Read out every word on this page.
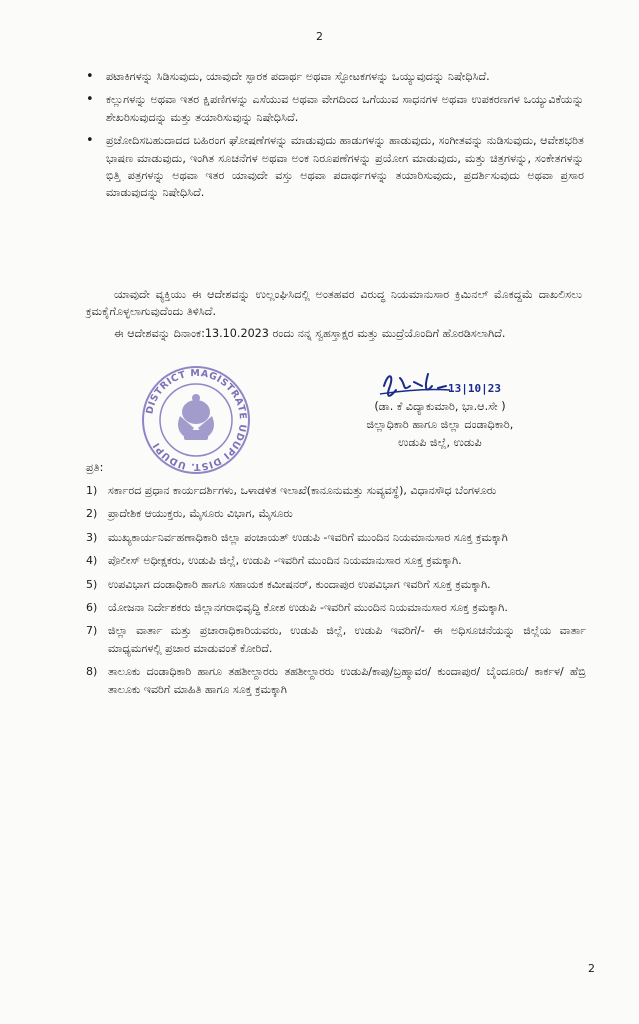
2
• ಪಟಾಕಿಗಳನ್ನು ಸಿಡಿಸುವುದು, ಯಾವುದೇ ಸ್ಫಾರಕ ಪದಾರ್ಥ ಅಥವಾ ಸ್ಫೋಟಕಗಳನ್ನು ಒಯ್ಯುವುದನ್ನು ನಿಷೇಧಿಸಿದೆ.
• ಕಲ್ಲುಗಳನ್ನು ಅಥವಾ ಇತರ ಕ್ಷಿಪಣಿಗಳನ್ನು ಎಸೆಯುವ ಅಥವಾ ವೇಗದಿಂದ ಒಗೆಯುವ ಸಾಧನಗಳ ಅಥವಾ ಉಪಕರಣಗಳ ಒಯ್ಯುವಿಕೆಯನ್ನು ಶೇಖರಿಸುವುದನ್ನು ಮತ್ತು ತಯಾರಿಸುವುನ್ನು ನಿಷೇಧಿಸಿದೆ.
• ಪ್ರಚೋದಿಸಬಹುದಾದದ ಬಹಿರಂಗ ಘೋಷಣೆಗಳನ್ನು ಮಾಡುವುದು ಹಾಡುಗಳನ್ನು ಹಾಡುವುದು, ಸಂಗೀತವನ್ನು ನುಡಿಸುವುದು, ಆವೇಶಭರಿತ ಭಾಷಣ ಮಾಡುವುದು, ಇಂಗಿತ ಸೂಚನೆಗಳ ಅಥವಾ ಅಂಕ ನಿರೂಪಣೆಗಳನ್ನು ಪ್ರಯೋಗ ಮಾಡುವುದು, ಮತ್ತು ಚಿತ್ರಗಳನ್ನು, ಸಂಕೇತಗಳನ್ನು ಭಿತ್ತಿ ಪತ್ರಗಳನ್ನು ಅಥವಾ ಇತರ ಯಾವುದೇ ವಸ್ತು ಅಥವಾ ಪದಾರ್ಥಗಳನ್ನು ತಯಾರಿಸುವುದು, ಪ್ರದರ್ಶಿಸುವುದು ಅಥವಾ ಪ್ರಸಾರ ಮಾಡುವುದನ್ನು ನಿಷೇಧಿಸಿದೆ.

ಯಾವುದೇ ವ್ಯಕ್ತಿಯು ಈ ಆದೇಶವನ್ನು ಉಲ್ಲಂಘಿಸಿದಲ್ಲಿ ಅಂತಹವರ ವಿರುದ್ಧ ನಿಯಮಾನುಸಾರ ಕ್ರಿಮಿನಲ್ ಮೊಕದ್ದಮೆ ದಾಖಲಿಸಲು ಕ್ರಮಕೈಗೊಳ್ಳಲಾಗುವುದೆಂದು ತಿಳಿಸಿದೆ.

ಈ ಆದೇಶವನ್ನು ದಿನಾಂಕ:13.10.2023 ರಂದು ನನ್ನ ಸ್ವಹಸ್ತಾಕ್ಷರ ಮತ್ತು ಮುದ್ರೆಯೊಂದಿಗೆ ಹೊರಡಿಸಲಾಗಿದೆ.

DISTRICT MAGISTRATE UDUPI DIST. UDUPI
13|10|23
(ಡಾ. ಕೆ ವಿದ್ಯಾಕುಮಾರಿ, ಭಾ.ಆ.ಸೇ )
ಜಿಲ್ಲಾಧಿಕಾರಿ ಹಾಗೂ ಜಿಲ್ಲಾ ದಂಡಾಧಿಕಾರಿ,
ಉಡುಪಿ ಜಿಲ್ಲೆ, ಉಡುಪಿ
ಪ್ರತಿ:
1) ಸರ್ಕಾರದ ಪ್ರಧಾನ ಕಾರ್ಯದರ್ಶಿಗಳು, ಒಳಾಡಳಿತ ಇಲಾಖೆ(ಕಾನೂನುಮತ್ತು ಸುವ್ಯವಸ್ಥೆ), ವಿಧಾನಸೌಧ ಬೆಂಗಳೂರು
2) ಪ್ರಾದೇಶಿಕ ಆಯುಕ್ತರು, ಮೈಸೂರು ವಿಭಾಗ, ಮೈಸೂರು
3) ಮುಖ್ಯಕಾರ್ಯನಿರ್ವಹಣಾಧಿಕಾರಿ ಜಿಲ್ಲಾ ಪಂಚಾಯತ್ ಉಡುಪಿ -ಇವರಿಗೆ ಮುಂದಿನ ನಿಯಮಾನುಸಾರ ಸೂಕ್ತ ಕ್ರಮಕ್ಕಾಗಿ
4) ಪೊಲೀಸ್ ಅಧೀಕ್ಷಕರು, ಉಡುಪಿ ಜಿಲ್ಲೆ, ಉಡುಪಿ -ಇವರಿಗೆ ಮುಂದಿನ ನಿಯಮಾನುಸಾರ ಸೂಕ್ತ ಕ್ರಮಕ್ಕಾಗಿ.
5) ಉಪವಿಭಾಗ ದಂಡಾಧಿಕಾರಿ ಹಾಗೂ ಸಹಾಯಕ ಕಮೀಷನರ್, ಕುಂದಾಪುರ ಉಪವಿಭಾಗ ಇವರಿಗೆ ಸೂಕ್ತ ಕ್ರಮಕ್ಕಾಗಿ.
6) ಯೋಜನಾ ನಿರ್ದೇಶಕರು ಜಿಲ್ಲಾನಗರಾಭಿವೃದ್ಧಿ ಕೋಶ ಉಡುಪಿ -ಇವರಿಗೆ ಮುಂದಿನ ನಿಯಮಾನುಸಾರ ಸೂಕ್ತ ಕ್ರಮಕ್ಕಾಗಿ.
7) ಜಿಲ್ಲಾ ವಾರ್ತಾ ಮತ್ತು ಪ್ರಚಾರಾಧಿಕಾರಿಯವರು, ಉಡುಪಿ ಜಿಲ್ಲೆ, ಉಡುಪಿ ಇವರಿಗೆ/- ಈ ಅಧಿಸೂಚನೆಯನ್ನು ಜಿಲ್ಲೆಯ ವಾರ್ತಾ ಮಾಧ್ಯಮಗಳಲ್ಲಿ ಪ್ರಚಾರ ಮಾಡುವಂತೆ ಕೋರಿದೆ.
8) ತಾಲೂಕು ದಂಡಾಧಿಕಾರಿ ಹಾಗೂ ತಹಶೀಲ್ದಾರರು ತಹಶೀಲ್ದಾರರು ಉಡುಪಿ/ಕಾಪು/ಬ್ರಹ್ಮಾವರ/ ಕುಂದಾಪುರ/ ಬೈಂದೂರು/ ಕಾರ್ಕಳ/ ಹೆಬ್ರಿ ತಾಲೂಕು ಇವರಿಗೆ ಮಾಹಿತಿ ಹಾಗೂ ಸೂಕ್ತ ಕ್ರಮಕ್ಕಾಗಿ
2
